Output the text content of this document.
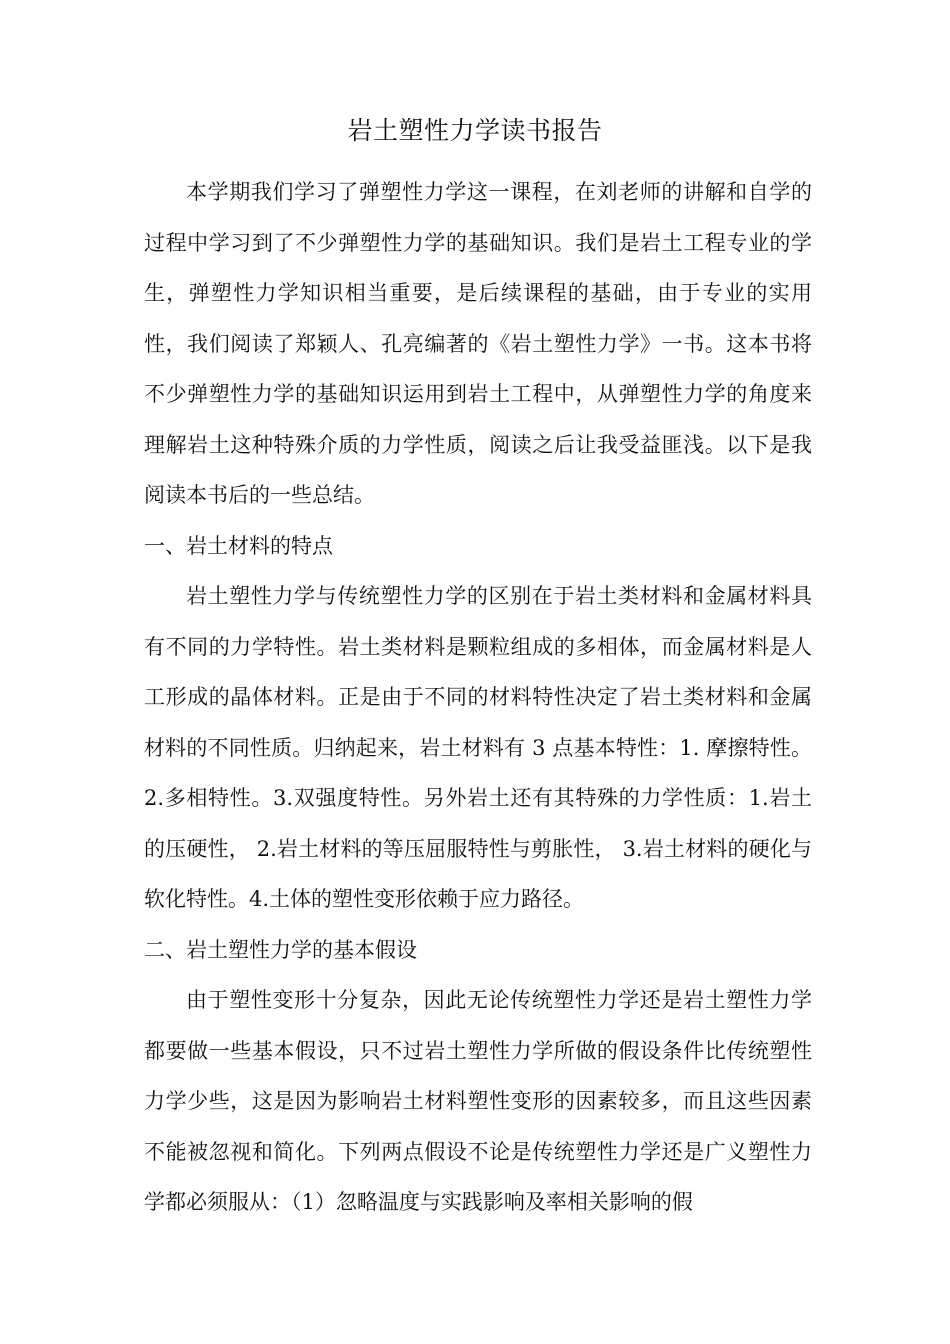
岩土塑性力学读书报告

本学期我们学习了弹塑性力学这一课程，在刘老师的讲解和自学的过程中学习到了不少弹塑性力学的基础知识。我们是岩土工程专业的学生，弹塑性力学知识相当重要，是后续课程的基础，由于专业的实用性，我们阅读了郑颖人、孔亮编著的《岩土塑性力学》一书。这本书将不少弹塑性力学的基础知识运用到岩土工程中，从弹塑性力学的角度来理解岩土这种特殊介质的力学性质，阅读之后让我受益匪浅。以下是我阅读本书后的一些总结。

一、岩土材料的特点

岩土塑性力学与传统塑性力学的区别在于岩土类材料和金属材料具有不同的力学特性。岩土类材料是颗粒组成的多相体，而金属材料是人工形成的晶体材料。正是由于不同的材料特性决定了岩土类材料和金属材料的不同性质。归纳起来，岩土材料有 3 点基本特性：1. 摩擦特性。 2.多相特性。3.双强度特性。另外岩土还有其特殊的力学性质：1.岩土的压硬性， 2.岩土材料的等压屈服特性与剪胀性， 3.岩土材料的硬化与软化特性。4.土体的塑性变形依赖于应力路径。

二、岩土塑性力学的基本假设

由于塑性变形十分复杂，因此无论传统塑性力学还是岩土塑性力学都要做一些基本假设，只不过岩土塑性力学所做的假设条件比传统塑性力学少些，这是因为影响岩土材料塑性变形的因素较多，而且这些因素不能被忽视和简化。下列两点假设不论是传统塑性力学还是广义塑性力学都必须服从：（1）忽略温度与实践影响及率相关影响的假
